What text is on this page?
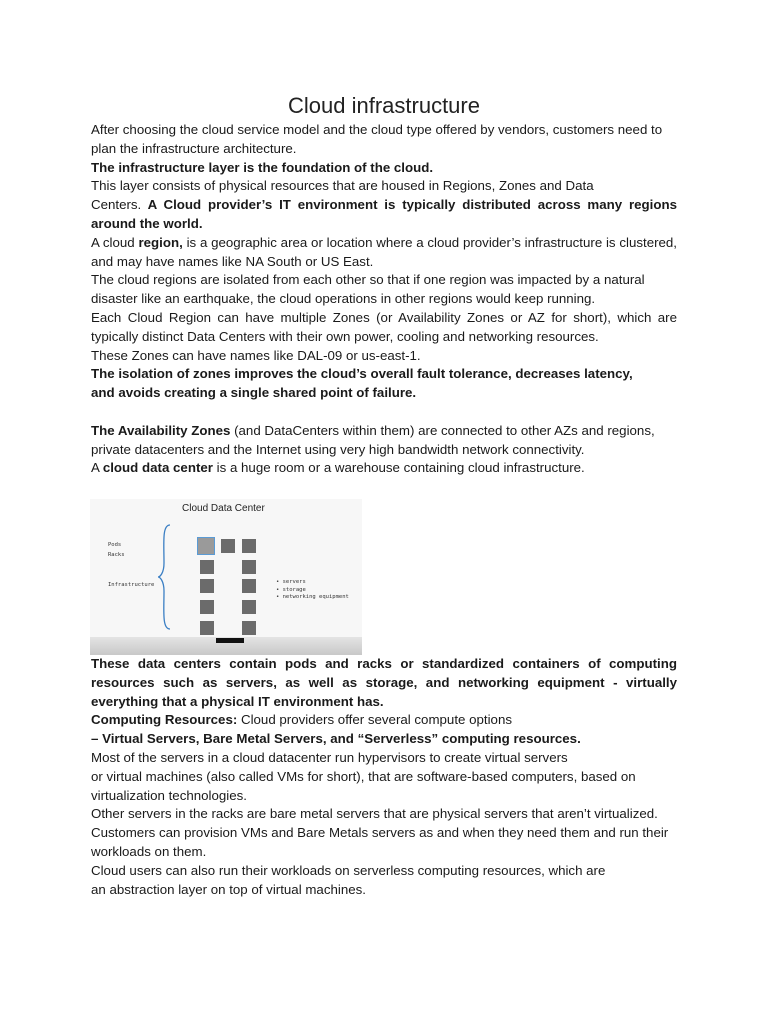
Cloud infrastructure

After choosing the cloud service model and the cloud type offered by vendors, customers need to plan the infrastructure architecture.

The infrastructure layer is the foundation of the cloud.

This layer consists of physical resources that are housed in Regions, Zones and Data

Centers. A Cloud provider’s IT environment is typically distributed across many regions around the world.

A cloud region, is a geographic area or location where a cloud provider’s infrastructure is clustered, and may have names like NA South or US East.

The cloud regions are isolated from each other so that if one region was impacted by a natural disaster like an earthquake, the cloud operations in other regions would keep running.

Each Cloud Region can have multiple Zones (or Availability Zones or AZ for short), which are typically distinct Data Centers with their own power, cooling and networking resources.

These Zones can have names like DAL-09 or us-east-1.

The isolation of zones improves the cloud’s overall fault tolerance, decreases latency,

and avoids creating a single shared point of failure.

The Availability Zones (and DataCenters within them) are connected to other AZs and regions, private datacenters and the Internet using very high bandwidth network connectivity.

A cloud data center is a huge room or a warehouse containing cloud infrastructure.

Cloud Data Center
Pods
Racks
Infrastructure	• servers
• storage
• networking equipment

These data centers contain pods and racks or standardized containers of computing resources such as servers, as well as storage, and networking equipment - virtually everything that a physical IT environment has.

Computing Resources: Cloud providers offer several compute options

– Virtual Servers, Bare Metal Servers, and “Serverless” computing resources.

Most of the servers in a cloud datacenter run hypervisors to create virtual servers

or virtual machines (also called VMs for short), that are software-based computers, based on virtualization technologies.

Other servers in the racks are bare metal servers that are physical servers that aren’t virtualized.

Customers can provision VMs and Bare Metals servers as and when they need them and run their workloads on them.

Cloud users can also run their workloads on serverless computing resources, which are

an abstraction layer on top of virtual machines.
